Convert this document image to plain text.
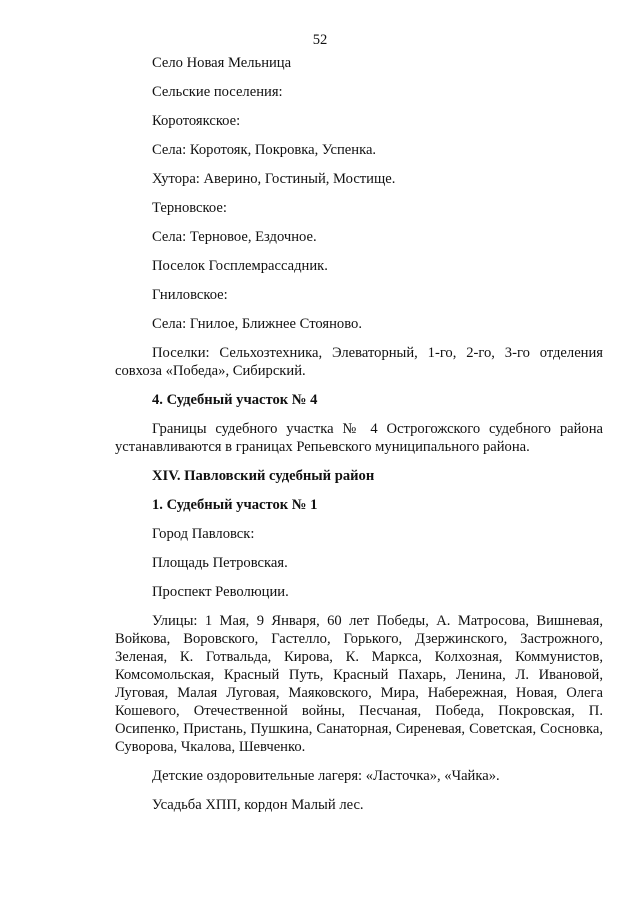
52

Село Новая Мельница

Сельские поселения:

Коротоякское:

Села: Коротояк, Покровка, Успенка.

Хутора: Аверино, Гостиный, Мостище.

Терновское:

Села: Терновое, Ездочное.

Поселок Госплемрассадник.

Гниловское:

Села: Гнилое, Ближнее Стояново.

Поселки: Сельхозтехника, Элеваторный, 1-го, 2-го, 3-го отделения совхоза «Победа», Сибирский.

4. Судебный участок № 4

Границы судебного участка № 4 Острогожского судебного района устанавливаются в границах Репьевского муниципального района.

XIV. Павловский судебный район

1. Судебный участок № 1

Город Павловск:

Площадь Петровская.

Проспект Революции.

Улицы: 1 Мая, 9 Января, 60 лет Победы, А. Матросова, Вишневая, Войкова, Воровского, Гастелло, Горького, Дзержинского, Застрожного, Зеленая, К. Готвальда, Кирова, К. Маркса, Колхозная, Коммунистов, Комсомольская, Красный Путь, Красный Пахарь, Ленина, Л. Ивановой, Луговая, Малая Луговая, Маяковского, Мира, Набережная, Новая, Олега Кошевого, Отечественной войны, Песчаная, Победа, Покровская, П. Осипенко, Пристань, Пушкина, Санаторная, Сиреневая, Советская, Сосновка, Суворова, Чкалова, Шевченко.

Детские оздоровительные лагеря: «Ласточка», «Чайка».

Усадьба ХПП, кордон Малый лес.
